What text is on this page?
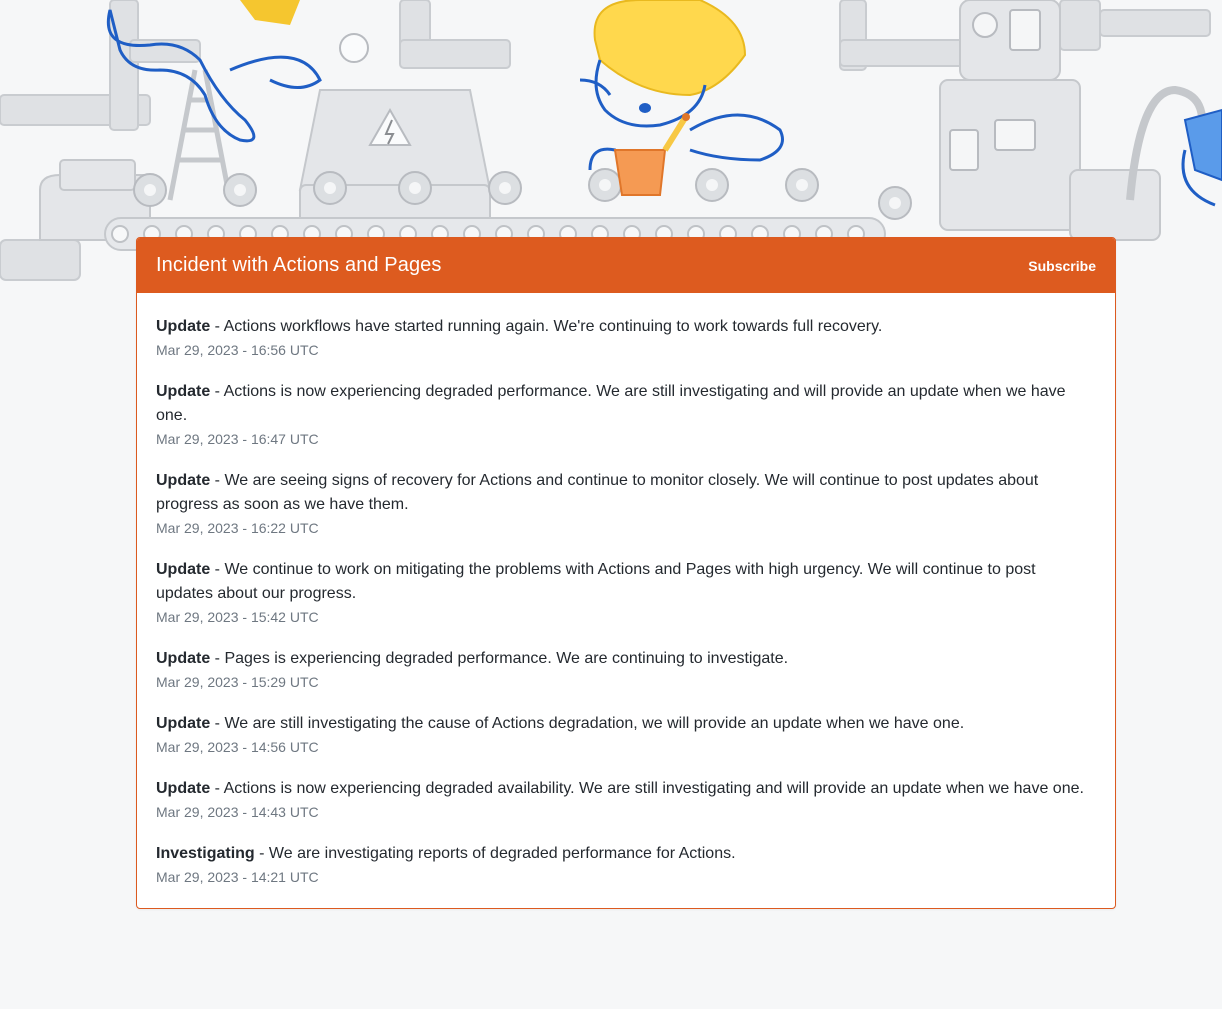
Incident with Actions and Pages	Subscribe
Update - Actions workflows have started running again. We're continuing to work towards full recovery.
Mar 29, 2023 - 16:56 UTC
Update - Actions is now experiencing degraded performance. We are still investigating and will provide an update when we have one.
Mar 29, 2023 - 16:47 UTC
Update - We are seeing signs of recovery for Actions and continue to monitor closely. We will continue to post updates about progress as soon as we have them.
Mar 29, 2023 - 16:22 UTC
Update - We continue to work on mitigating the problems with Actions and Pages with high urgency. We will continue to post updates about our progress.
Mar 29, 2023 - 15:42 UTC
Update - Pages is experiencing degraded performance. We are continuing to investigate.
Mar 29, 2023 - 15:29 UTC
Update - We are still investigating the cause of Actions degradation, we will provide an update when we have one.
Mar 29, 2023 - 14:56 UTC
Update - Actions is now experiencing degraded availability. We are still investigating and will provide an update when we have one.
Mar 29, 2023 - 14:43 UTC
Investigating - We are investigating reports of degraded performance for Actions.
Mar 29, 2023 - 14:21 UTC
